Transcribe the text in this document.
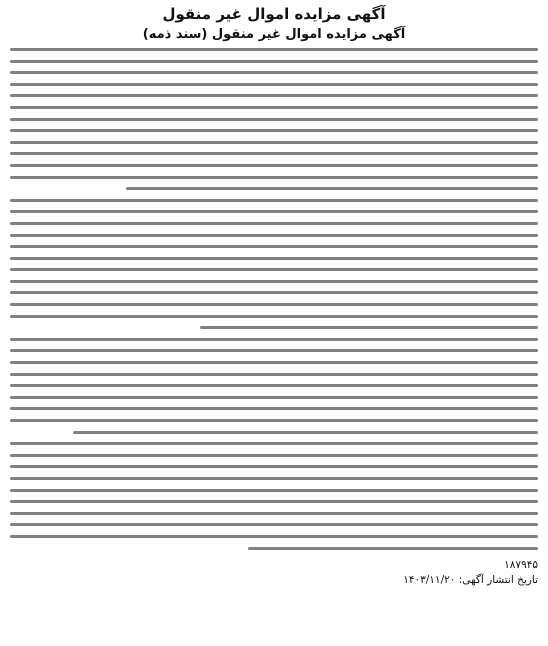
آگهی مزایده اموال غیر منقول
آگهی مزایده اموال غیر منقول (سند ذمه)
۱۸۷۹۴۵
تاریخ انتشار آگهی: ۱۴۰۳/۱۱/۲۰
